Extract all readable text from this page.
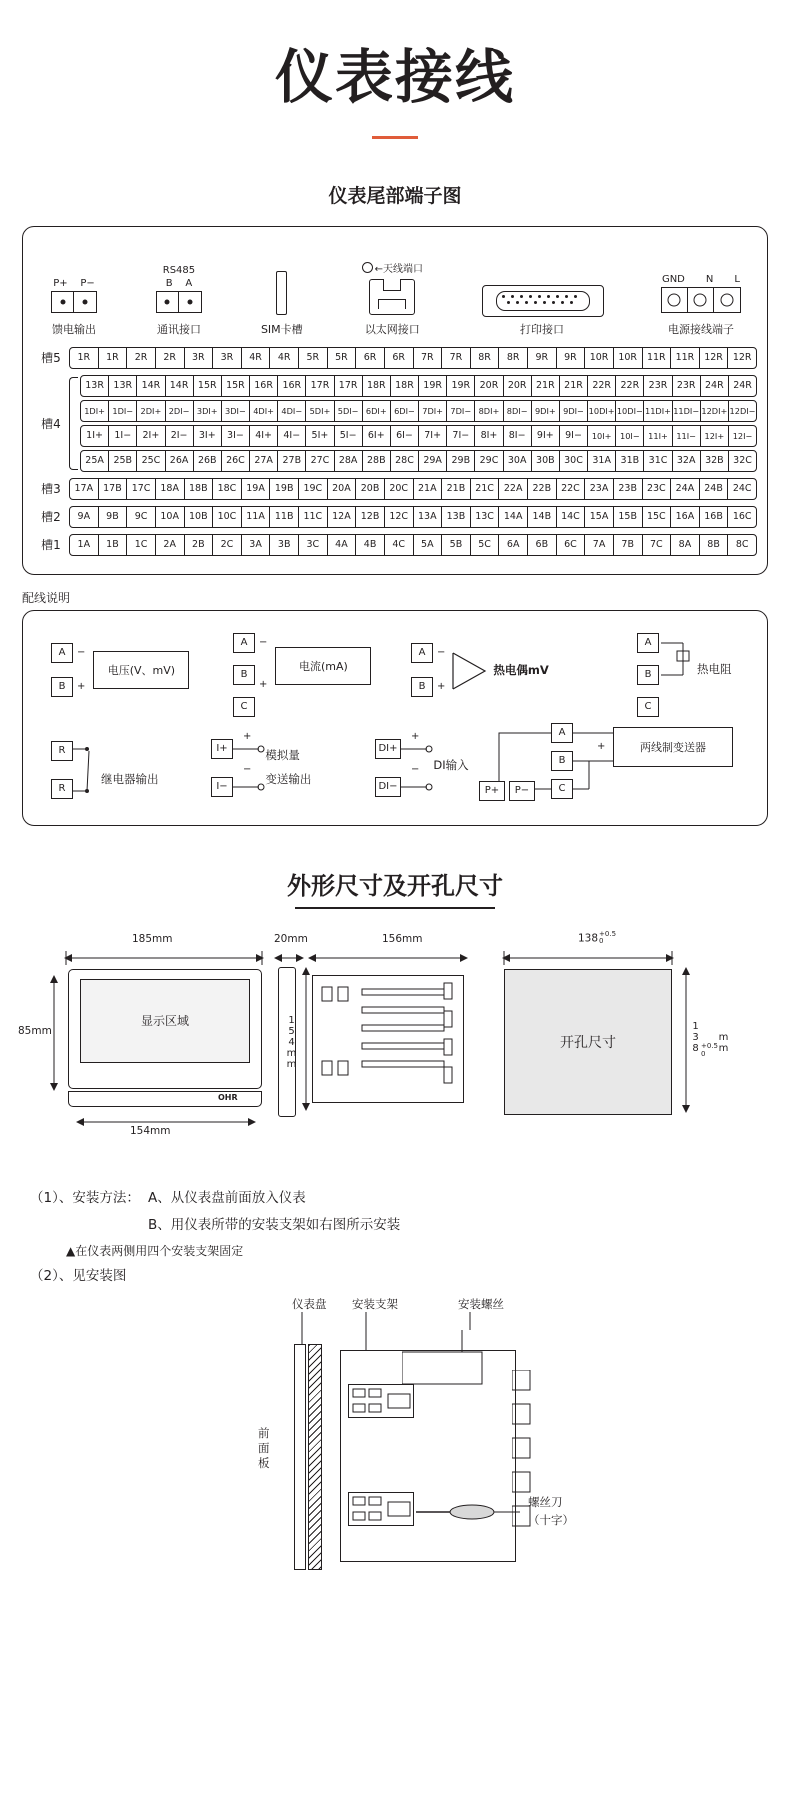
仪表接线
仪表尾部端子图
P+ P−
馈电输出
RS485
B A
通讯接口	SIM卡槽
←天线端口
以太网接口	打印接口
GND N L
电源接线端子
槽5	1R	1R	2R	2R	3R	3R	4R	4R	5R	5R	6R	6R	7R	7R	8R	8R	9R	9R	10R	10R	11R	11R	12R	12R
槽4
13R 13R 14R 14R 15R 15R 16R 16R 17R 17R 18R 18R 19R 19R 20R 20R 21R 21R 22R 22R 23R 23R 24R 24R
1DI+ 1DI− 2DI+ 2DI− 3DI+ 3DI− 4DI+ 4DI− 5DI+ 5DI− 6DI+ 6DI− 7DI+ 7DI− 8DI+ 8DI− 9DI+ 9DI− 10DI+ 10DI− 11DI+ 11DI− 12DI+ 12DI−
1I+	1I−	2I+	2I−	3I+	3I−	4I+	4I−	5I+	5I−	6I+	6I−	7I+	7I−	8I+	8I−	9I+	9I−	10I+	10I−	11I+	11I−	12I+	12I−
25A	25B	25C	26A	26B	26C	27A	27B	27C	28A	28B	28C	29A	29B	29C	30A	30B	30C	31A	31B	31C	32A	32B	32C
槽3	17A	17B	17C	18A	18B	18C	19A	19B	19C	20A	20B	20C	21A	21B	21C	22A	22B	22C	23A	23B	23C	24A	24B	24C
槽2	9A	9B	9C	10A	10B	10C	11A	11B	11C	12A	12B	12C	13A	13B	13C	14A	14B	14C	15A	15B	15C	16A	16B	16C
槽1	1A	1B	1C	2A	2B	2C	3A	3B	3C	4A	4B	4C	5A	5B	5C	6A	6B	6C	7A	7B	7C	8A	8B	8C
配线说明
A
B
−
+
电压(V、mV)
A
B
C
−
+
电流(mA)
A
B
−
+
热电偶mV
A
B
C
热电阻
R
R
继电器输出
I+
I−
+
−
模拟量
变送输出
DI+
DI−
+
− DI输入
A
B
C
P+	P−
+	两线制变送器
外形尺寸及开孔尺寸
185mm
显示区域
OHR
85mm
154mm
20mm	156mm
154mm
138 +0.5
0
开孔尺寸	138 +0.5
0	mm
（1）、安装方法： A、从仪表盘前面放入仪表
B、用仪表所带的安装支架如右图所示安装
▲在仪表两侧用四个安装支架固定
（2）、见安装图
仪表盘 安装支架	安装螺丝
螺丝刀
（十字）
前
面
板
